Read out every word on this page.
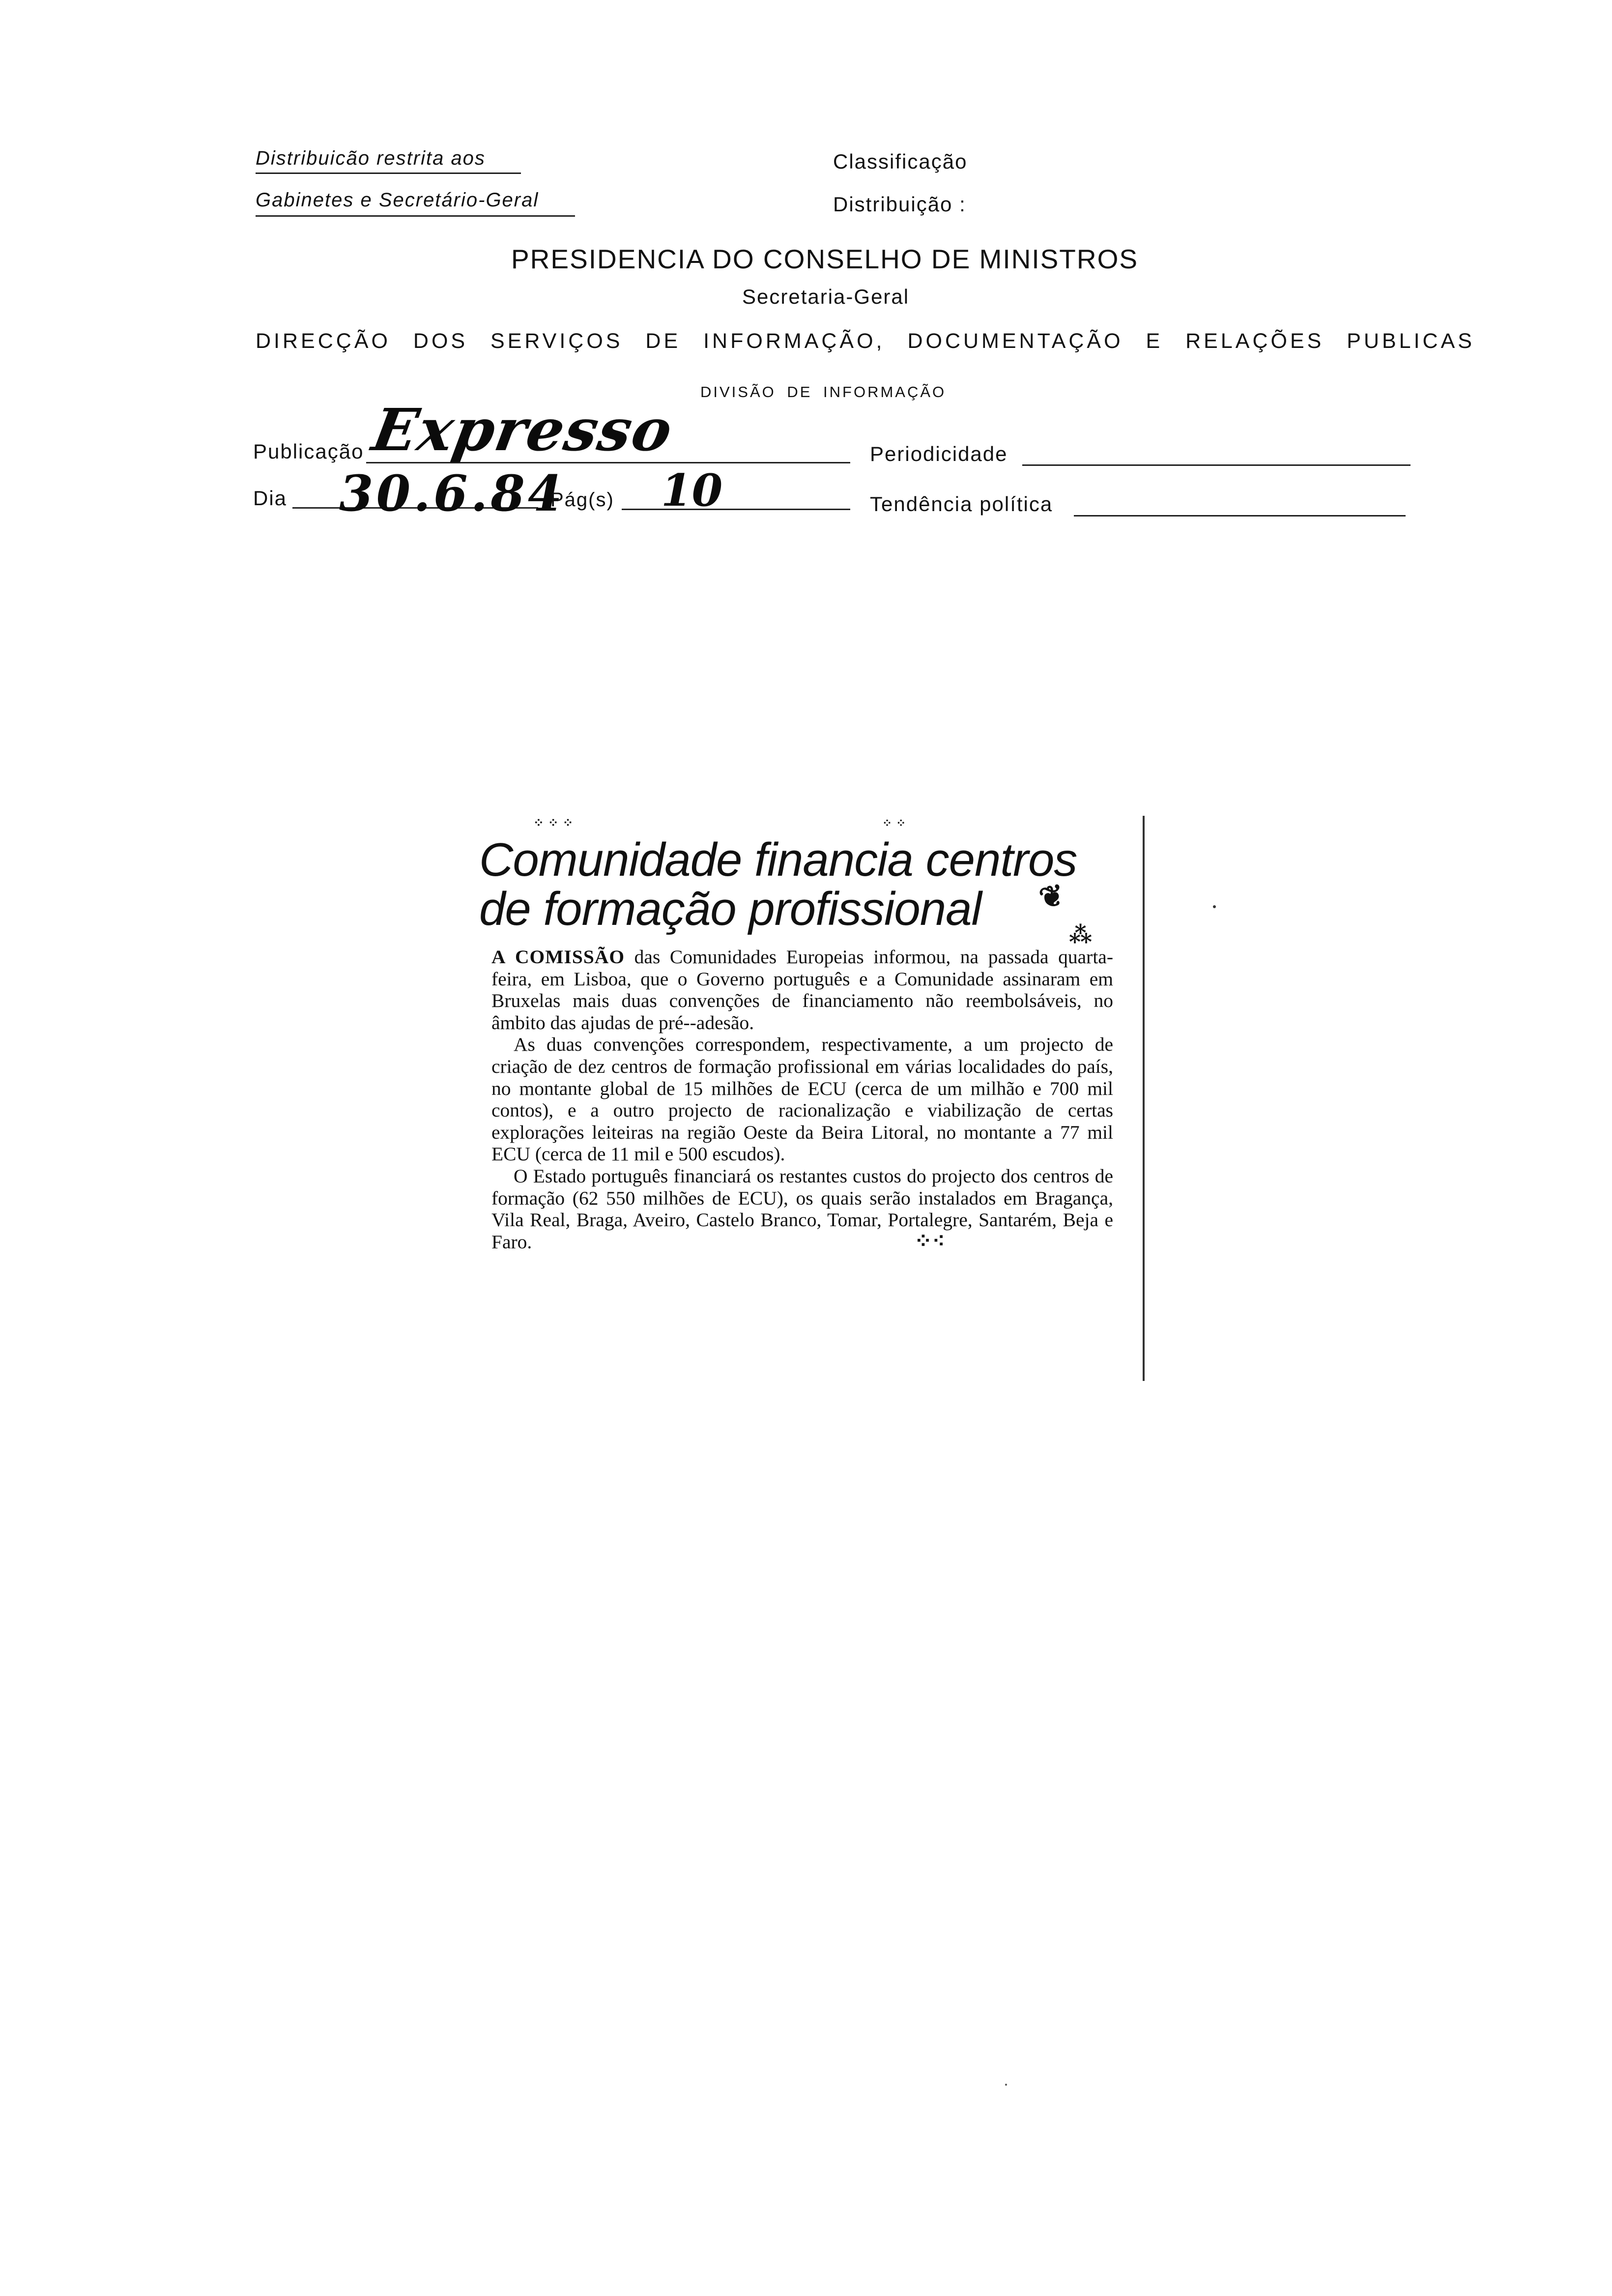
Distribuicão restrita aos
Gabinetes e Secretário-Geral
Classificação
Distribuição :
PRESIDENCIA DO CONSELHO DE MINISTROS
Secretaria-Geral
DIRECÇÃO DOS SERVIÇOS DE INFORMAÇÃO, DOCUMENTAÇÃO E RELAÇÕES PUBLICAS
DIVISÃO DE INFORMAÇÃO
Publicação Expresso
Dia 30.6.84
Pág(s) 10
Periodicidade
Tendência política
Comunidade financia centros
de formação profissional	❦
⁂
⁘⁘⁘	⁘⁘
⁘⁖

A COMISSÃO das Comunidades Europeias informou, na passada quarta-feira, em Lisboa, que o Governo português e a Comunidade assinaram em Bruxelas mais duas convenções de financiamento não reembolsáveis, no âmbito das ajudas de pré--adesão.

As duas convenções correspondem, respectivamente, a um projecto de criação de dez centros de formação profissional em várias localidades do país, no montante global de 15 milhões de ECU (cerca de um milhão e 700 mil contos), e a outro projecto de racionalização e viabilização de certas explorações leiteiras na região Oeste da Beira Litoral, no montante a 77 mil ECU (cerca de 11 mil e 500 escudos).

O Estado português financiará os restantes custos do projecto dos centros de formação (62 550 milhões de ECU), os quais serão instalados em Bragança, Vila Real, Braga, Aveiro, Castelo Branco, Tomar, Portalegre, Santarém, Beja e Faro.
